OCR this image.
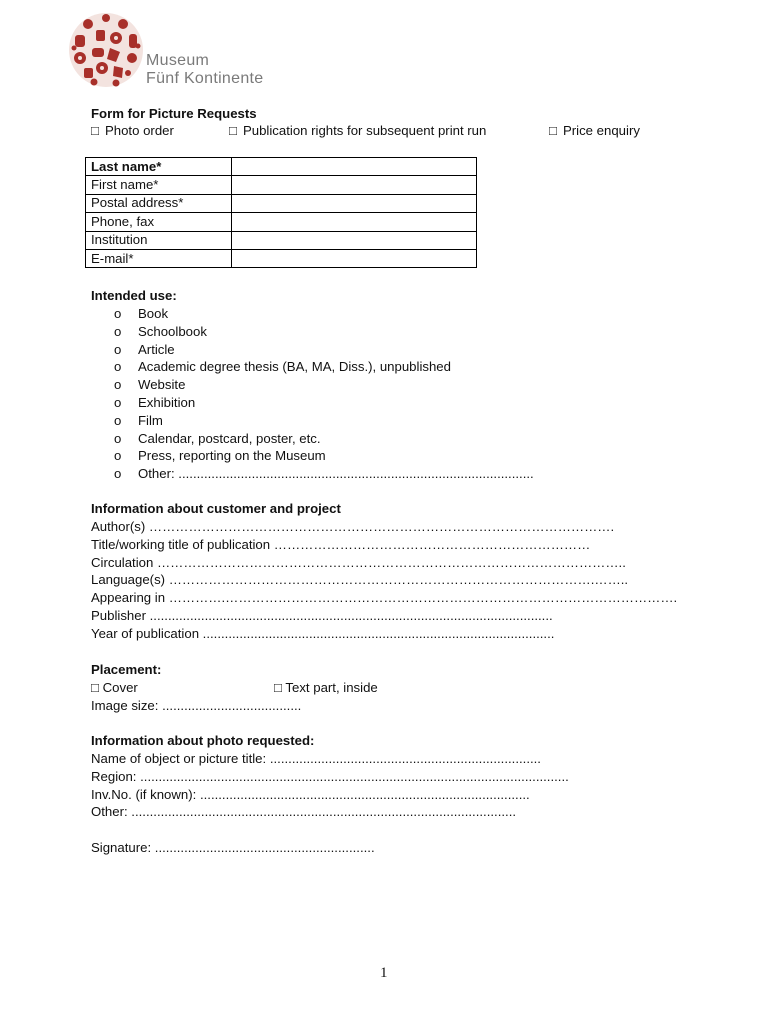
Museum
Fünf Kontinente
Form for Picture Requests
□ Photo order	□ Publication rights for subsequent print run	□ Price enquiry
Last name*	
First name*	
Postal address*	
Phone, fax	
Institution	
E-mail*	
Intended use:
o Book
o Schoolbook
o Article
o Academic degree thesis (BA, MA, Diss.), unpublished
o Website
o Exhibition
o Film
o Calendar, postcard, poster, etc.
o Press, reporting on the Museum
o Other: .................................................................................................
Information about customer and project
Author(s) …………………………………………………………………………………………….
Title/working title of publication ………………………………………………………………
Circulation ……………………………………………………………………………………………..
Language(s) …………………………………………………………………………………….……..
Appearing in ………….………………………………………………………………………………………….
Publisher ..............................................................................................................
Year of publication ................................................................................................
Placement:
□ Cover	□ Text part, inside
Image size: ......................................
Information about photo requested:
Name of object or picture title: ..........................................................................
Region: .....................................................................................................................
Inv.No. (if known): ..........................................................................................
Other: .........................................................................................................
Signature: ............................................................
1
